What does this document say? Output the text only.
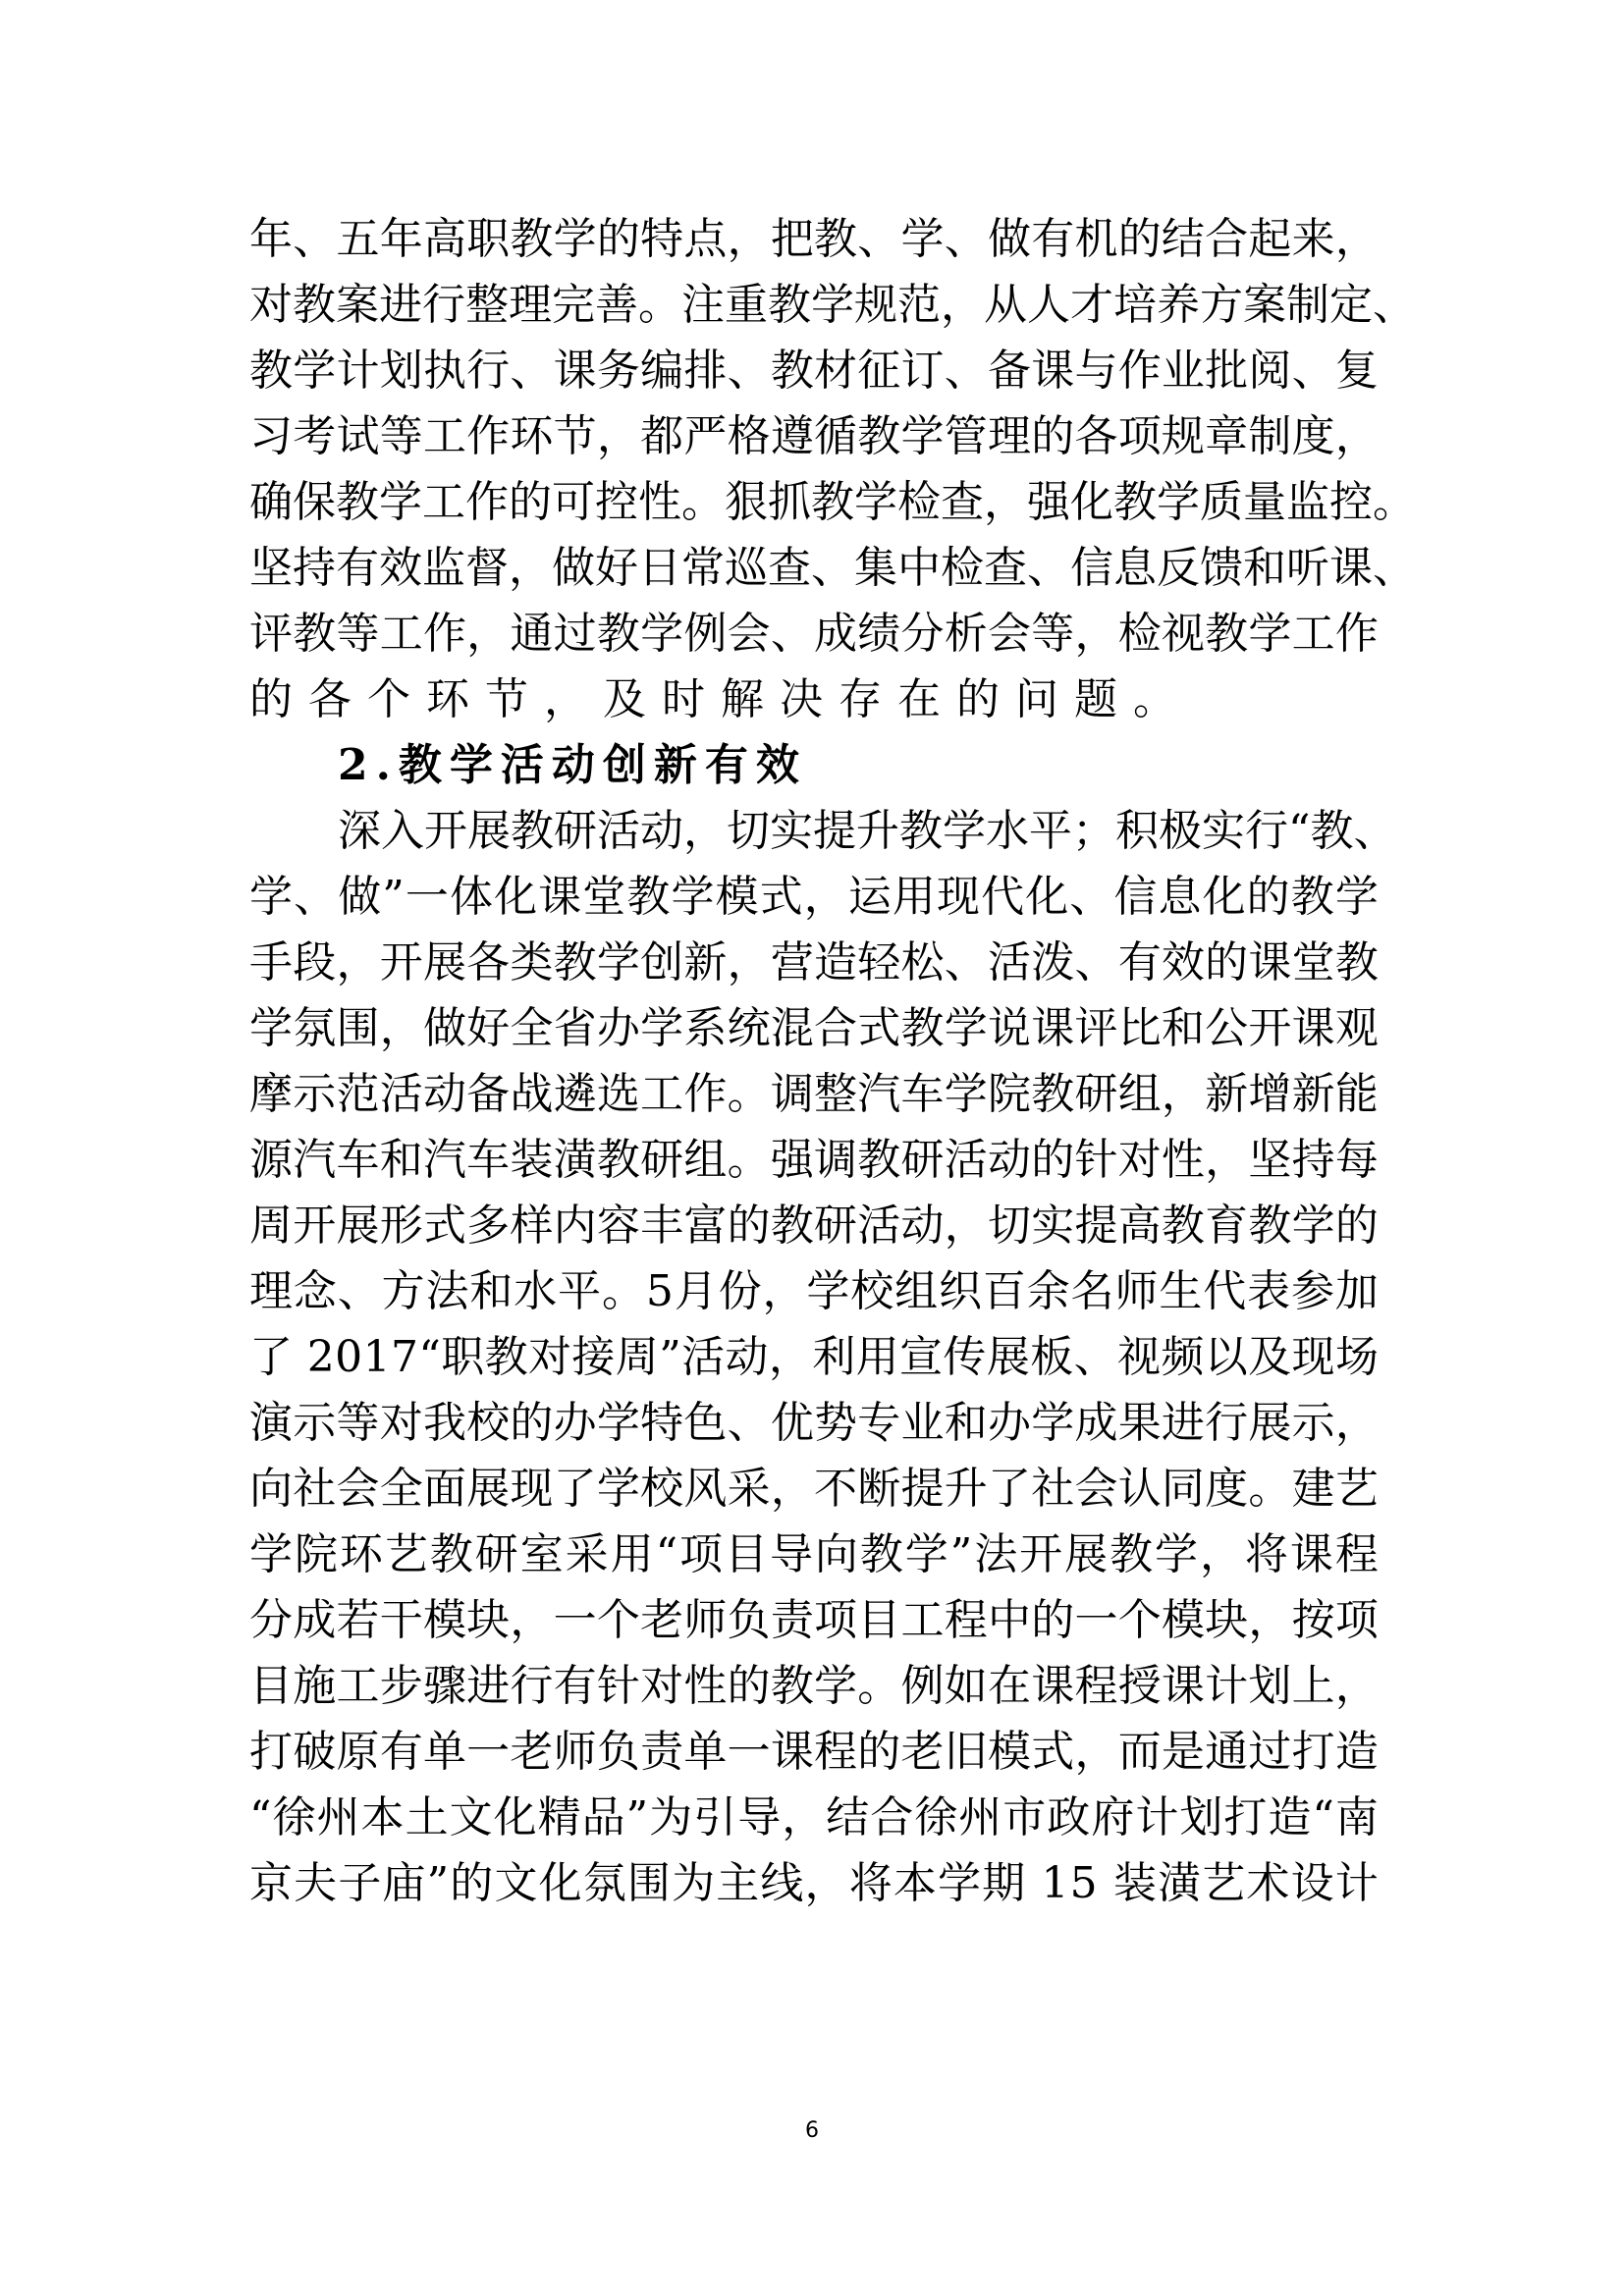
年 、 五 年 高 职 教 学 的 特 点 ， 把 教 、 学 、 做 有 机 的 结 合 起 来 ，
对 教 案 进 行 整 理 完 善 。 注 重 教 学 规 范 ， 从 人 才 培 养 方 案 制 定 、
教 学 计 划 执 行 、 课 务 编 排 、 教 材 征 订 、 备 课 与 作 业 批 阅 、 复
习 考 试 等 工 作 环 节 ， 都 严 格 遵 循 教 学 管 理 的 各 项 规 章 制 度 ，
确 保 教 学 工 作 的 可 控 性 。 狠 抓 教 学 检 查 ， 强 化 教 学 质 量 监 控 。
坚 持 有 效 监 督 ， 做 好 日 常 巡 查 、 集 中 检 查 、 信 息 反 馈 和 听 课 、
评 教 等 工 作 ， 通 过 教 学 例 会 、 成 绩 分 析 会 等 ， 检 视 教 学 工 作
的各个环节，及时解决存在的问题。
2.教学活动创新有效
深 入 开 展 教 研 活 动 ， 切 实 提 升 教 学 水 平 ； 积 极 实 行 “ 教 、
学 、 做 ” 一 体 化 课 堂 教 学 模 式 ， 运 用 现 代 化 、 信 息 化 的 教 学
手 段 ， 开 展 各 类 教 学 创 新 ， 营 造 轻 松 、 活 泼 、 有 效 的 课 堂 教
学 氛 围 ， 做 好 全 省 办 学 系 统 混 合 式 教 学 说 课 评 比 和 公 开 课 观
摩 示 范 活 动 备 战 遴 选 工 作 。 调 整 汽 车 学 院 教 研 组 ， 新 增 新 能
源 汽 车 和 汽 车 装 潢 教 研 组 。 强 调 教 研 活 动 的 针 对 性 ， 坚 持 每
周 开 展 形 式 多 样 内 容 丰 富 的 教 研 活 动 ， 切 实 提 高 教 育 教 学 的
理 念 、 方 法 和 水 平 。 5 月 份 ， 学 校 组 织 百 余 名 师 生 代 表 参 加
了
2 0 1 7 “ 职 教 对 接 周 ” 活 动 ， 利 用 宣 传 展 板 、 视 频 以 及 现 场
演 示 等 对 我 校 的 办 学 特 色 、 优 势 专 业 和 办 学 成 果 进 行 展 示 ，
向 社 会 全 面 展 现 了 学 校 风 采 ， 不 断 提 升 了 社 会 认 同 度 。 建 艺
学 院 环 艺 教 研 室 采 用 “ 项 目 导 向 教 学 ” 法 开 展 教 学 ， 将 课 程
分 成 若 干 模 块 ， 一 个 老 师 负 责 项 目 工 程 中 的 一 个 模 块 ， 按 项
目 施 工 步 骤 进 行 有 针 对 性 的 教 学 。 例 如 在 课 程 授 课 计 划 上 ，
打 破 原 有 单 一 老 师 负 责 单 一 课 程 的 老 旧 模 式 ， 而 是 通 过 打 造
“ 徐 州 本 土 文 化 精 品 ” 为 引 导 ， 结 合 徐 州 市 政 府 计 划 打 造 “ 南
京 夫 子 庙 ” 的 文 化 氛 围 为 主 线 ， 将 本 学 期
1 5
装 潢 艺 术 设 计
6
